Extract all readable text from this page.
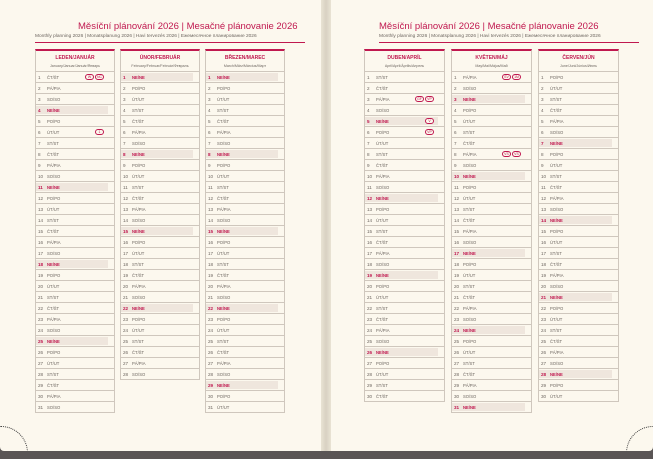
Měsíční plánování 2026 | Mesačné plánovanie 2026
Monthly planning 2026 | Monatsplanung 2026 | Havi tervezés 2026 | Ежемесячное планирование 2026
LEDEN/JANUÁR
January/Januar/Január/Январь
1	ČT/ŠT	W	NC
2	PÁ/PIA
3	SO/SO
4	NE/NE
5	PO/PO
6	ÚT/UT	1
7	ST/ST
8	ČT/ŠT
9	PÁ/PIA
10 SO/SO
11 NE/NE
12 PO/PO
13 ÚT/UT
14 ST/ST
15 ČT/ŠT
16 PÁ/PIA
17 SO/SO
18 NE/NE
19 PO/PO
20 ÚT/UT
21 ST/ST
22 ČT/ŠT
23 PÁ/PIA
24 SO/SO
25 NE/NE
26 PO/PO
27 ÚT/UT
28 ST/ST
29 ČT/ŠT
30 PÁ/PIA
31 SO/SO
ÚNOR/FEBRUÁR
February/Februar/Február/Февраль
1	NE/NE
2	PO/PO
3	ÚT/UT
4	ST/ST
5	ČT/ŠT
6	PÁ/PIA
7	SO/SO
8	NE/NE
9	PO/PO
10 ÚT/UT
11	ST/ST
12 ČT/ŠT
13 PÁ/PIA
14 SO/SO
15 NE/NE
16 PO/PO
17 ÚT/UT
18 ST/ST
19 ČT/ŠT
20 PÁ/PIA
21 SO/SO
22 NE/NE
23 PO/PO
24 ÚT/UT
25 ST/ST
26 ČT/ŠT
27 PÁ/PIA
28 SO/SO
BŘEZEN/MAREC
March/März/Március/Март
1	NE/NE
2	PO/PO
3	ÚT/UT
4	ST/ST
5	ČT/ŠT
6	PÁ/PIA
7	SO/SO
8	NE/NE
9	PO/PO
10 ÚT/UT
11	ST/ST
12 ČT/ŠT
13 PÁ/PIA
14 SO/SO
15 NE/NE
16 PO/PO
17 ÚT/UT
18 ST/ST
19 ČT/ŠT
20 PÁ/PIA
21 SO/SO
22 NE/NE
23 PO/PO
24 ÚT/UT
25 ST/ST
26 ČT/ŠT
27 PÁ/PIA
28 SO/SO
29 NE/NE
30 PO/PO
31 ÚT/UT
Měsíční plánování 2026 | Mesačné plánovanie 2026
Monthly planning 2026 | Monatsplanung 2026 | Havi tervezés 2026 | Ежемесячное планирование 2026
DUBEN/APRÍL
April/April/Április/Апрель
1	ST/ST
2	ČT/ŠT
3	PÁ/PIA	GF	VP
4	SO/SO
5	NE/NE	V
6	PO/PO	VP
7	ÚT/UT
8	ST/ST
9	ČT/ŠT
10 PÁ/PIA
11	SO/SO
12 NE/NE
13 PO/PO
14 ÚT/UT
15 ST/ST
16 ČT/ŠT
17 PÁ/PIA
18 SO/SO
19 NE/NE
20 PO/PO
21 ÚT/UT
22 ST/ST
23 ČT/ŠT
24 PÁ/PIA
25 SO/SO
26 NE/NE
27 PO/PO
28 ÚT/UT
29 ST/ST
30 ČT/ŠT
KVĚTEN/MÁJ
May/Mai/Május/Май
1	PÁ/PIA	SV	1M
2	SO/SO
3	NE/NE
4	PO/PO
5	ÚT/UT
6	ST/ST
7	ČT/ŠT
8	PÁ/PIA	VS	VS
9	SO/SO
10 NE/NE
11	PO/PO
12 ÚT/UT
13 ST/ST
14 ČT/ŠT
15 PÁ/PIA
16 SO/SO
17 NE/NE
18 PO/PO
19 ÚT/UT
20 ST/ST
21 ČT/ŠT
22 PÁ/PIA
23 SO/SO
24 NE/NE
25 PO/PO
26 ÚT/UT
27 ST/ST
28 ČT/ŠT
29 PÁ/PIA
30 SO/SO
31 NE/NE
ČERVEN/JÚN
June/Juni/Június/Июнь
1	PO/PO
2	ÚT/UT
3	ST/ST
4	ČT/ŠT
5	PÁ/PIA
6	SO/SO
7	NE/NE
8	PO/PO
9	ÚT/UT
10 ST/ST
11	ČT/ŠT
12 PÁ/PIA
13 SO/SO
14 NE/NE
15 PO/PO
16 ÚT/UT
17 ST/ST
18 ČT/ŠT
19 PÁ/PIA
20 SO/SO
21 NE/NE
22 PO/PO
23 ÚT/UT
24 ST/ST
25 ČT/ŠT
26 PÁ/PIA
27 SO/SO
28 NE/NE
29 PO/PO
30 ÚT/UT
